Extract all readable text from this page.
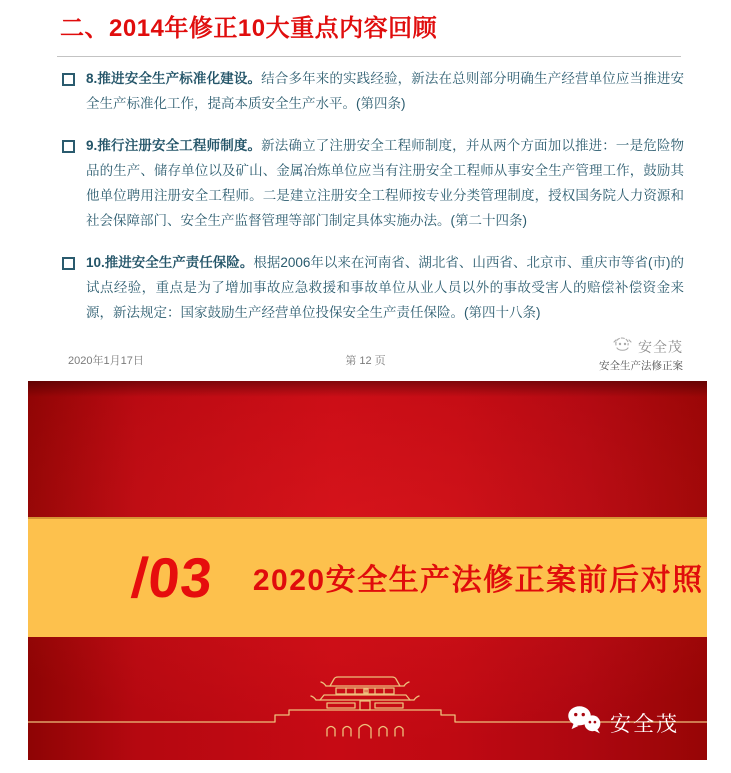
二、2014年修正10大重点内容回顾

8.推进安全生产标准化建设。结合多年来的实践经验，新法在总则部分明确生产经营单位应当推进安全生产标准化工作，提高本质安全生产水平。(第四条)

9.推行注册安全工程师制度。新法确立了注册安全工程师制度，并从两个方面加以推进：一是危险物品的生产、储存单位以及矿山、金属冶炼单位应当有注册安全工程师从事安全生产管理工作，鼓励其他单位聘用注册安全工程师。二是建立注册安全工程师按专业分类管理制度，授权国务院人力资源和社会保障部门、安全生产监督管理等部门制定具体实施办法。(第二十四条)

10.推进安全生产责任保险。根据2006年以来在河南省、湖北省、山西省、北京市、重庆市等省(市)的试点经验，重点是为了增加事故应急救援和事故单位从业人员以外的事故受害人的赔偿补偿资金来源，新法规定：国家鼓励生产经营单位投保安全生产责任保险。(第四十八条)

2020年1月17日	第 12 页
安全茂
安全生产法修正案
/03 2020安全生产法修正案前后对照
安全茂
